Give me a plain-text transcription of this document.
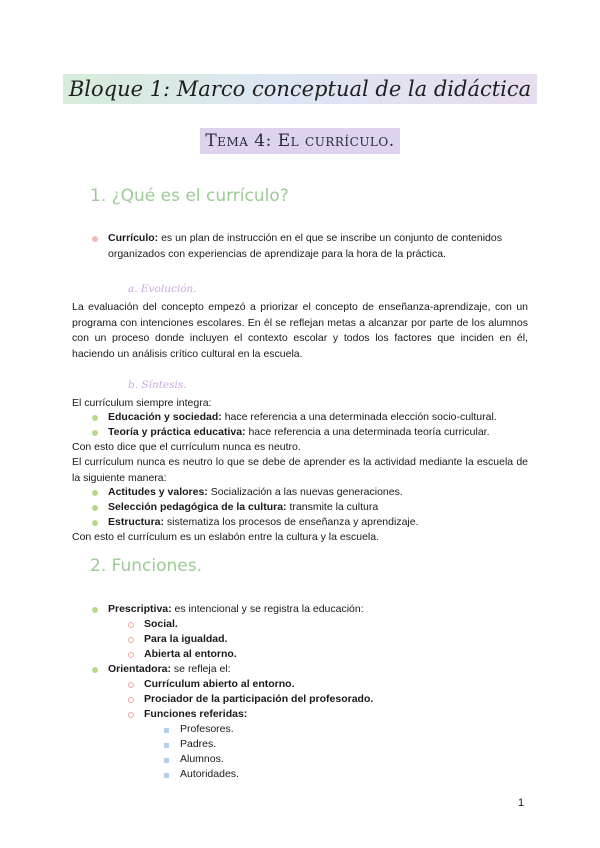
Bloque 1: Marco conceptual de la didáctica
Tema 4: El currículo.
1. ¿Qué es el currículo?
Currículo: es un plan de instrucción en el que se inscribe un conjunto de contenidos
organizados con experiencias de aprendizaje para la hora de la práctica.
a. Evolución.
La evaluación del concepto empezó a priorizar el concepto de enseñanza-aprendizaje, con un programa con intenciones escolares. En él se reflejan metas a alcanzar por parte de los alumnos con un proceso donde incluyen el contexto escolar y todos los factores que inciden en él, haciendo un análisis crítico cultural en la escuela.
b. Síntesis.
El currículum siempre integra:
Educación y sociedad: hace referencia a una determinada elección socio-cultural.
Teoría y práctica educativa: hace referencia a una determinada teoría curricular.
Con esto dice que el currículum nunca es neutro.
El currículum nunca es neutro lo que se debe de aprender es la actividad mediante la escuela de la siguiente manera:
Actitudes y valores: Socialización a las nuevas generaciones.
Selección pedagógica de la cultura: transmite la cultura
Estructura: sistematiza los procesos de enseñanza y aprendizaje.
Con esto el currículum es un eslabón entre la cultura y la escuela.
2. Funciones.
Prescriptiva: es intencional y se registra la educación:
Social.
Para la igualdad.
Abierta al entorno.
Orientadora: se refleja el:
Currículum abierto al entorno.
Prociador de la participación del profesorado.
Funciones referidas:
Profesores.
Padres.
Alumnos.
Autoridades.
1
